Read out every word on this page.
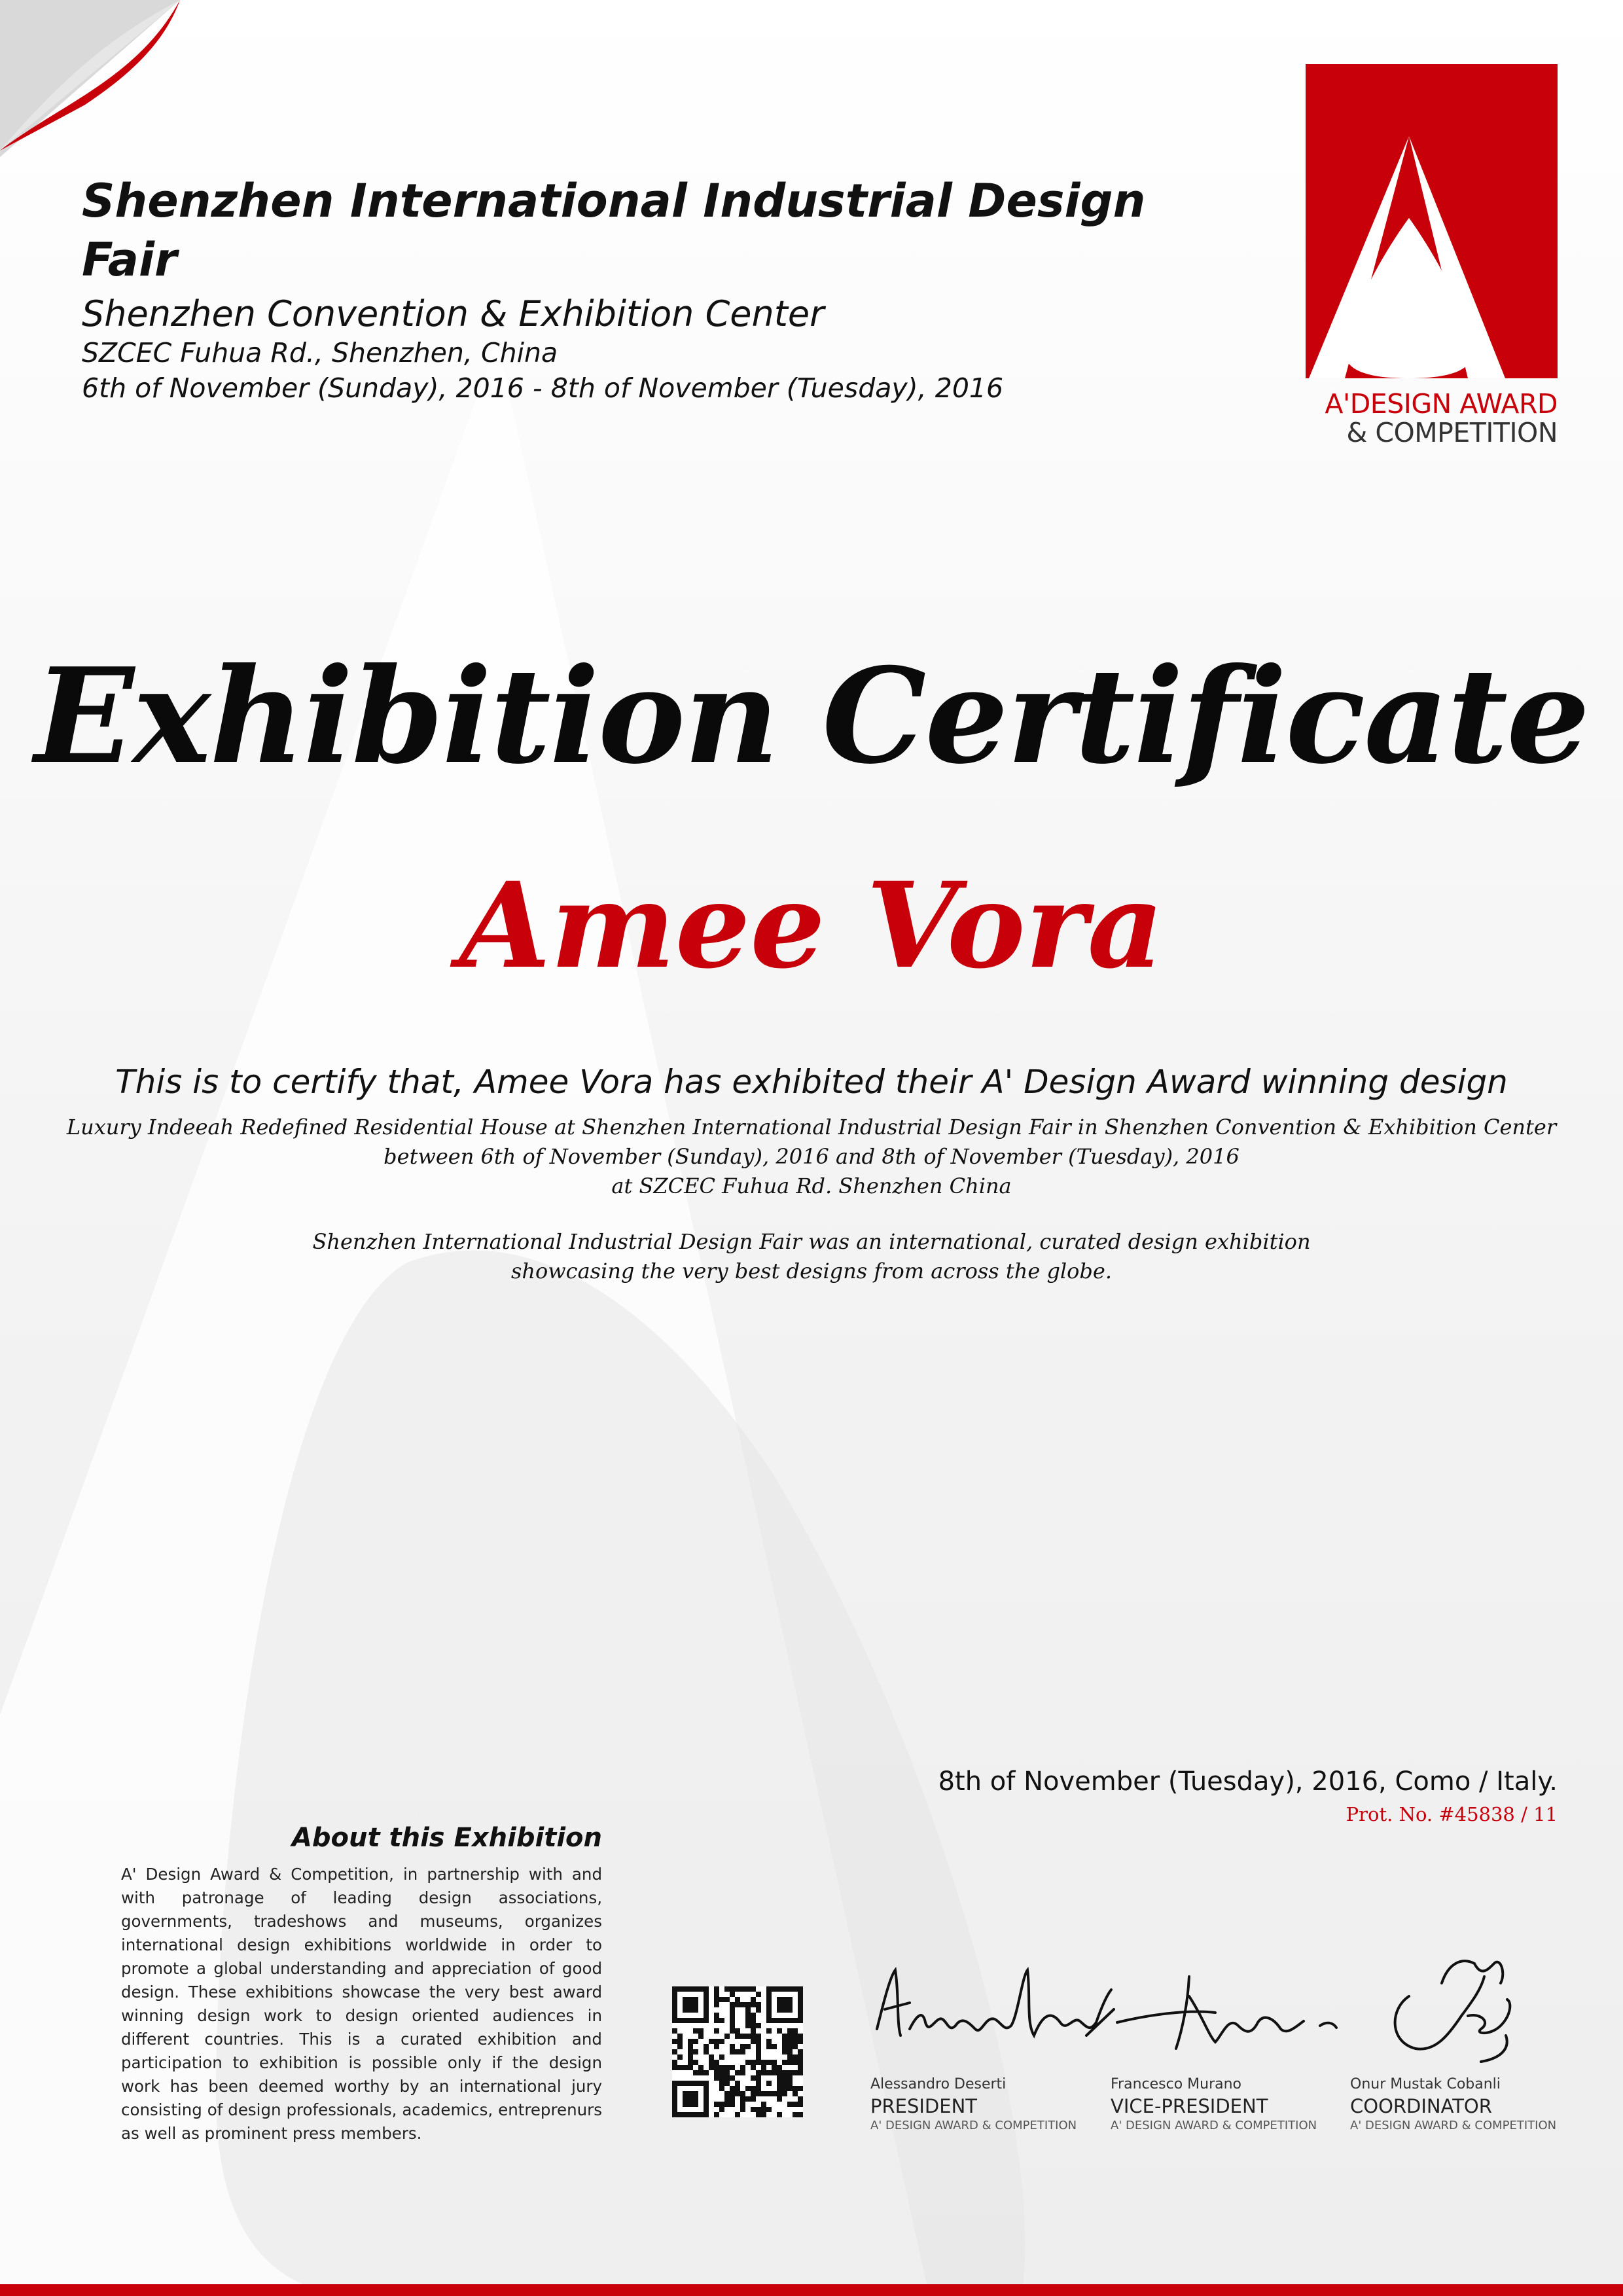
Shenzhen International Industrial Design Fair
Shenzhen Convention & Exhibition Center
SZCEC Fuhua Rd., Shenzhen, China
6th of November (Sunday), 2016 - 8th of November (Tuesday), 2016	A'DESIGN AWARD
& COMPETITION
Exhibition Certificate
Amee Vora
This is to certify that, Amee Vora has exhibited their A' Design Award winning design
Luxury Indeeah Redefined Residential House at Shenzhen International Industrial Design Fair in Shenzhen Convention & Exhibition Center
between 6th of November (Sunday), 2016 and 8th of November (Tuesday), 2016
at SZCEC Fuhua Rd. Shenzhen China
Shenzhen International Industrial Design Fair was an international, curated design exhibition
showcasing the very best designs from across the globe.
8th of November (Tuesday), 2016, Como / Italy.
Prot. No. #45838 / 11
About this Exhibition
A' Design Award & Competition, in partnership with and with patronage of leading design associations, governments, tradeshows and museums, organizes international design exhibitions worldwide in order to promote a global understanding and appreciation of good design. These exhibitions showcase the very best award winning design work to design oriented audiences in different countries. This is a curated exhibition and participation to exhibition is possible only if the design work has been deemed worthy by an international jury consisting of design professionals, academics, entreprenurs as well as prominent press members.
Alessandro Deserti
PRESIDENT
A' DESIGN AWARD & COMPETITION
Francesco Murano
VICE-PRESIDENT
A' DESIGN AWARD & COMPETITION
Onur Mustak Cobanli
COORDINATOR
A' DESIGN AWARD & COMPETITION
